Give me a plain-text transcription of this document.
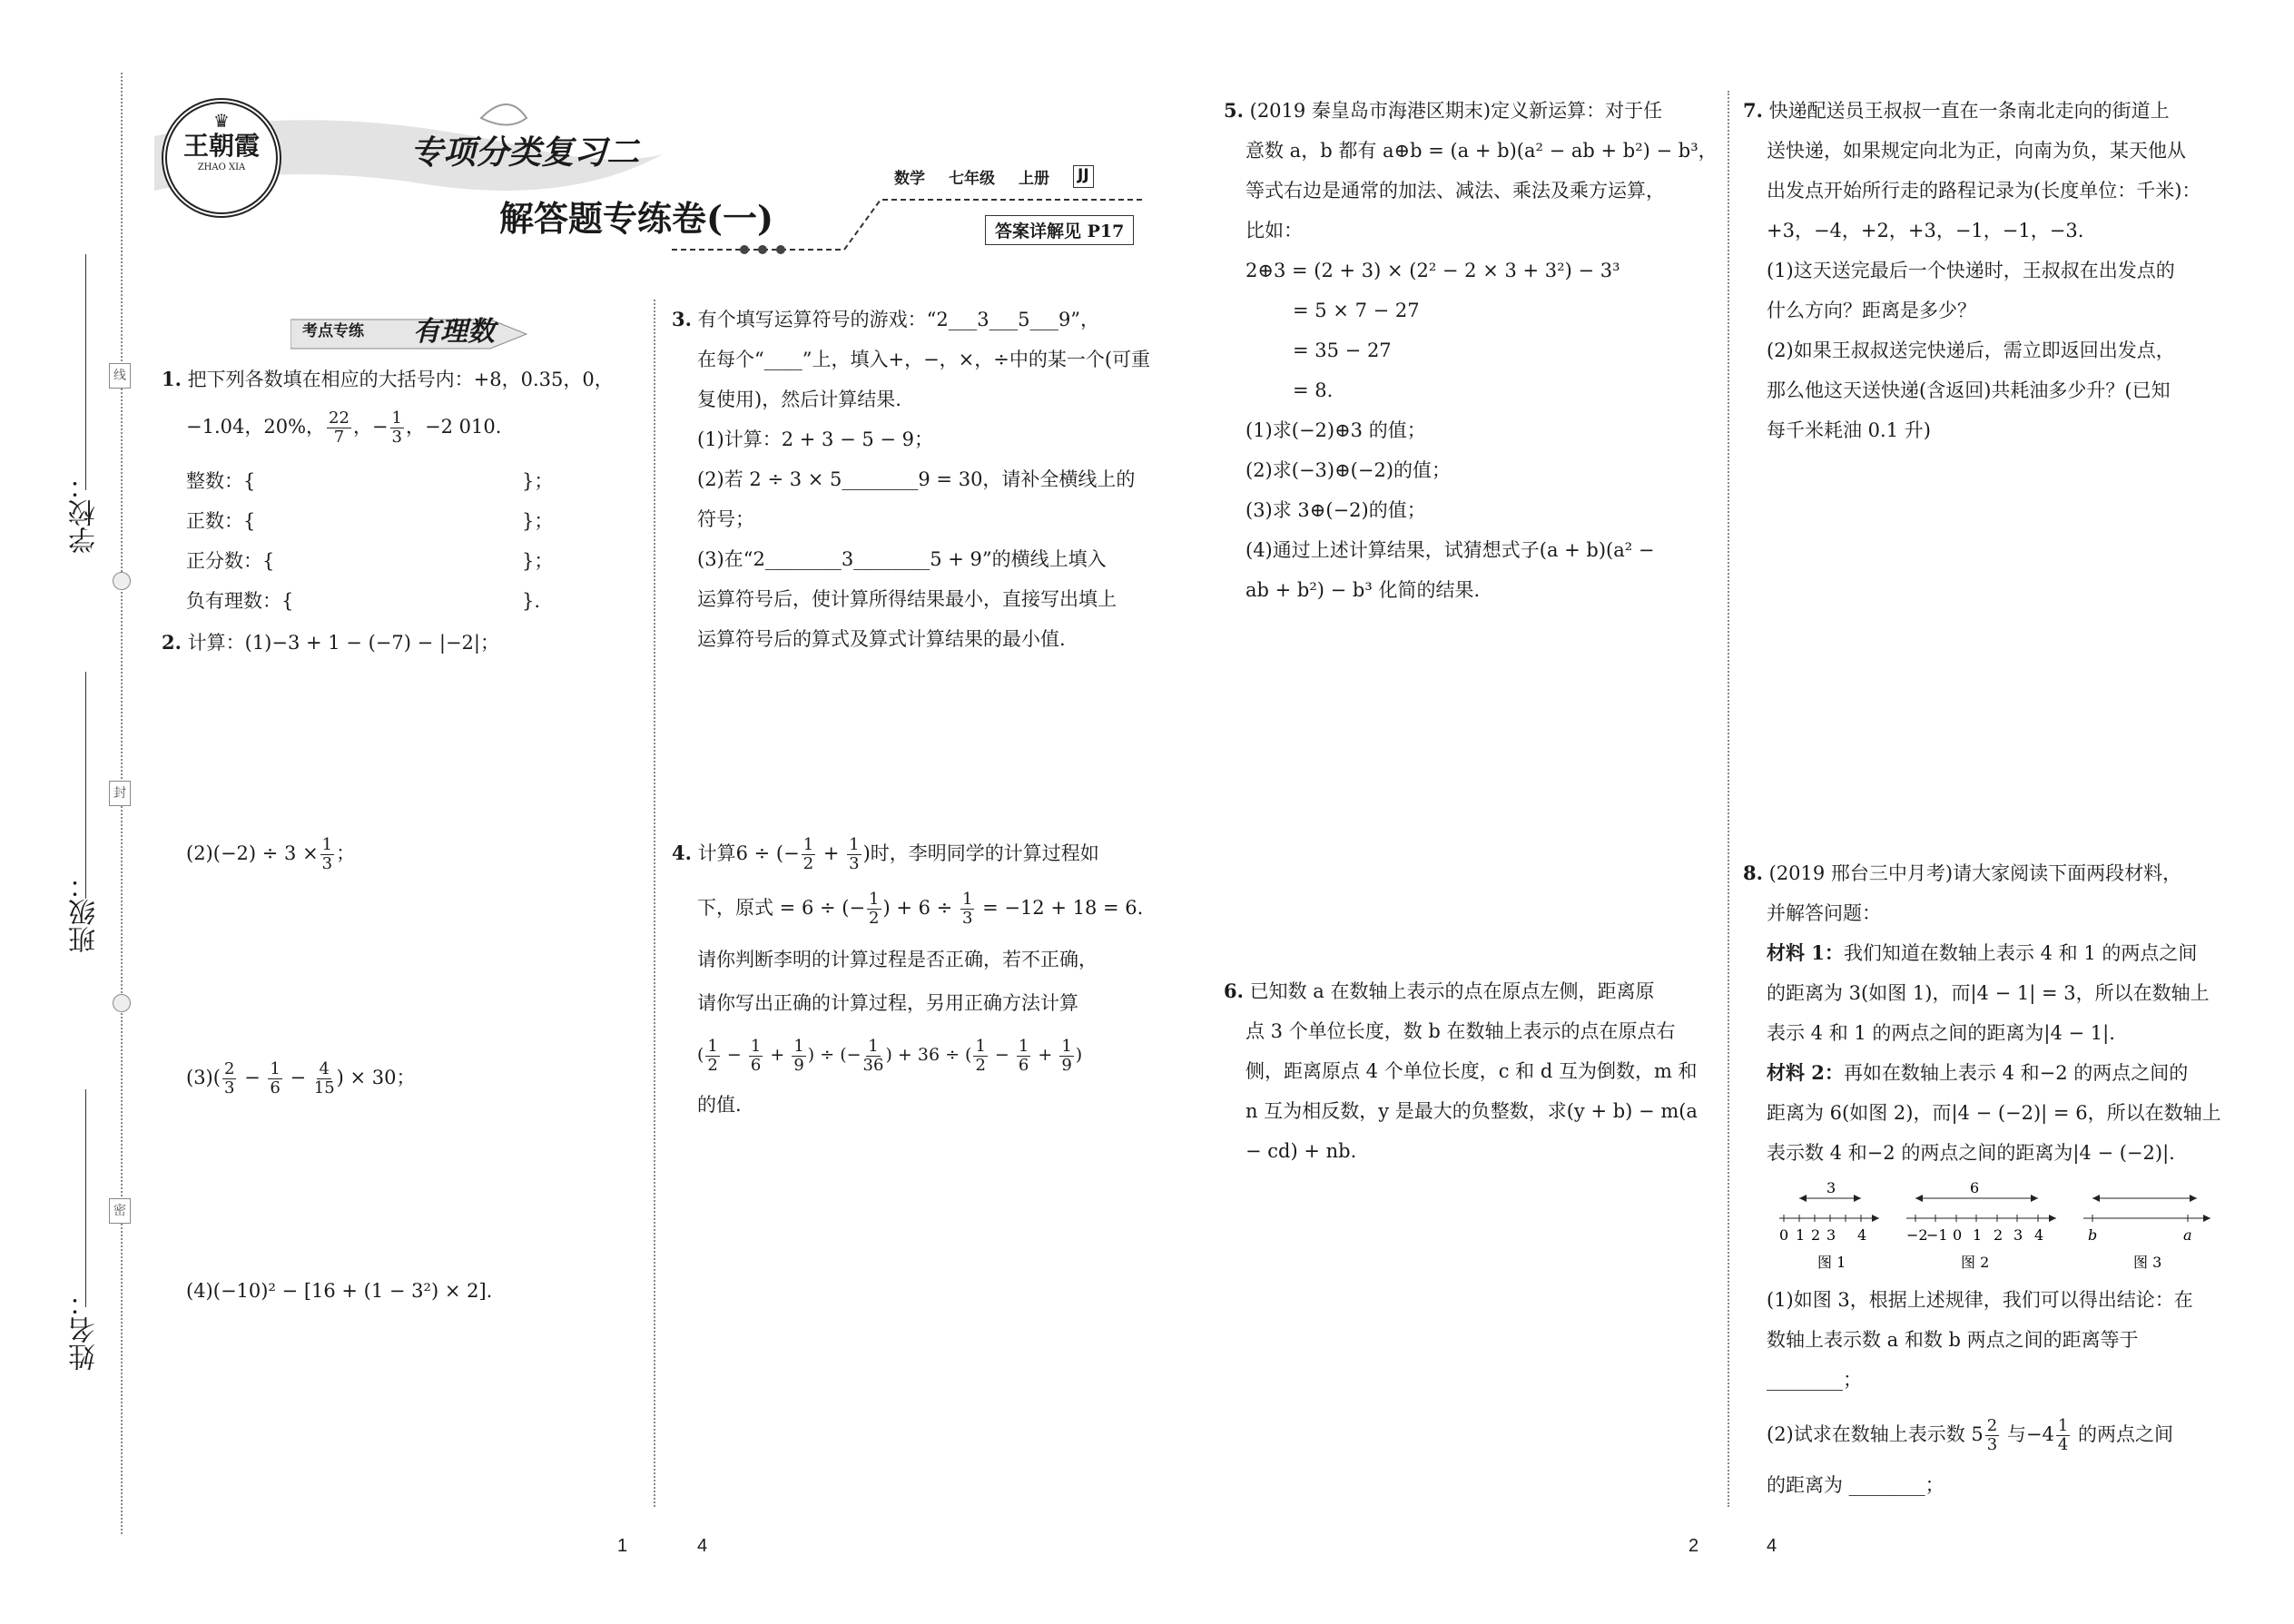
学校：
班级：
姓名：
线
封
密
♛
王朝霞
ZHAO XIA	专项分类复习二
解答题专练卷(一)
数学 七年级 上册 JJ
答案详解见 P17
考点专练 有理数
1. 把下列各数填在相应的大括号内：+8，0.35，0，
−1.04，20%， $\frac{22}{7}$ ，− $\frac{1}{3}$ ，−2 010.
整数：{	}；
正数：{	}；
正分数：{	}；
负有理数：{	}.
2. 计算：(1)−3 + 1 − (−7) − |−2|；
$(2)(-2) \div 3 \times \frac{1}{3}$ ；
$(3)( \frac{2}{3} - \frac{1}{6} - \frac{4}{15}$ ) × 30；
(4)(−10)² − [16 + (1 − 3²) × 2].
3. 有个填写运算符号的游戏：“2___3___5___9”，
在每个“____”上，填入+，−，×，÷中的某一个(可重
复使用)，然后计算结果.
(1)计算：2 + 3 − 5 − 9；
(2)若 2 ÷ 3 × 5________9 = 30，请补全横线上的
符号；
(3)在“2________3________5 + 9”的横线上填入
运算符号后，使计算所得结果最小，直接写出填上
运算符号后的算式及算式计算结果的最小值.
4. 计算6 ÷ (− $\frac{1}{2} + \frac{1}{3}$ )时，李明同学的计算过程如
下，原式 = 6 ÷ (− $\frac{1}{2}$ ) + $6 \div \frac{1}{3} = -12 + 18 = 6$.
请你判断李明的计算过程是否正确，若不正确，
请你写出正确的计算过程，另用正确方法计算
( $\frac{1}{2} - \frac{1}{6} + \frac{1}{9}$ ) ÷ (− $\frac{1}{36}$ ) + 36 ÷ ( $\frac{1}{2} - \frac{1}{6} + \frac{1}{9}$ )
的值.
5. (2019 秦皇岛市海港区期末)定义新运算：对于任
意数 a，b 都有 a⊕b = (a + b)(a² − ab + b²) − b³，
等式右边是通常的加法、减法、乘法及乘方运算，
比如：
2⊕3 = (2 + 3) × (2² − 2 × 3 + 3²) − 3³
= 5 × 7 − 27
= 35 − 27
= 8.
(1)求(−2)⊕3 的值；
(2)求(−3)⊕(−2)的值；
(3)求 3⊕(−2)的值；
(4)通过上述计算结果，试猜想式子(a + b)(a² −
ab + b²) − b³ 化简的结果.
6. 已知数 a 在数轴上表示的点在原点左侧，距离原
点 3 个单位长度，数 b 在数轴上表示的点在原点右
侧，距离原点 4 个单位长度，c 和 d 互为倒数，m 和
n 互为相反数，y 是最大的负整数，求(y + b) − m(a
− cd) + nb.
7. 快递配送员王叔叔一直在一条南北走向的街道上
送快递，如果规定向北为正，向南为负，某天他从
出发点开始所行走的路程记录为(长度单位：千米)：
+3，−4，+2，+3，−1，−1，−3.
(1)这天送完最后一个快递时，王叔叔在出发点的
什么方向？距离是多少？
(2)如果王叔叔送完快递后，需立即返回出发点，
那么他这天送快递(含返回)共耗油多少升？(已知
每千米耗油 0.1 升)
8. (2019 邢台三中月考)请大家阅读下面两段材料，
并解答问题：
材料 1：我们知道在数轴上表示 4 和 1 的两点之间
的距离为 3(如图 1)，而|4 − 1| = 3，所以在数轴上
表示 4 和 1 的两点之间的距离为|4 − 1|.
材料 2：再如在数轴上表示 4 和−2 的两点之间的
距离为 6(如图 2)，而|4 − (−2)| = 6，所以在数轴上
表示数 4 和−2 的两点之间的距离为|4 − (−2)|.
3
0 1 2 3 4
图 1
6
−2
−1 0 1 2 3 4
图 2
b	a
图 3
(1)如图 3，根据上述规律，我们可以得出结论：在
数轴上表示数 a 和数 b 两点之间的距离等于
________；
(2)试求在数轴上表示数 $5 \frac{2}{3}$ 与$-4 \frac{1}{4}$ 的两点之间
的距离为 ________；
1	4	2	4
